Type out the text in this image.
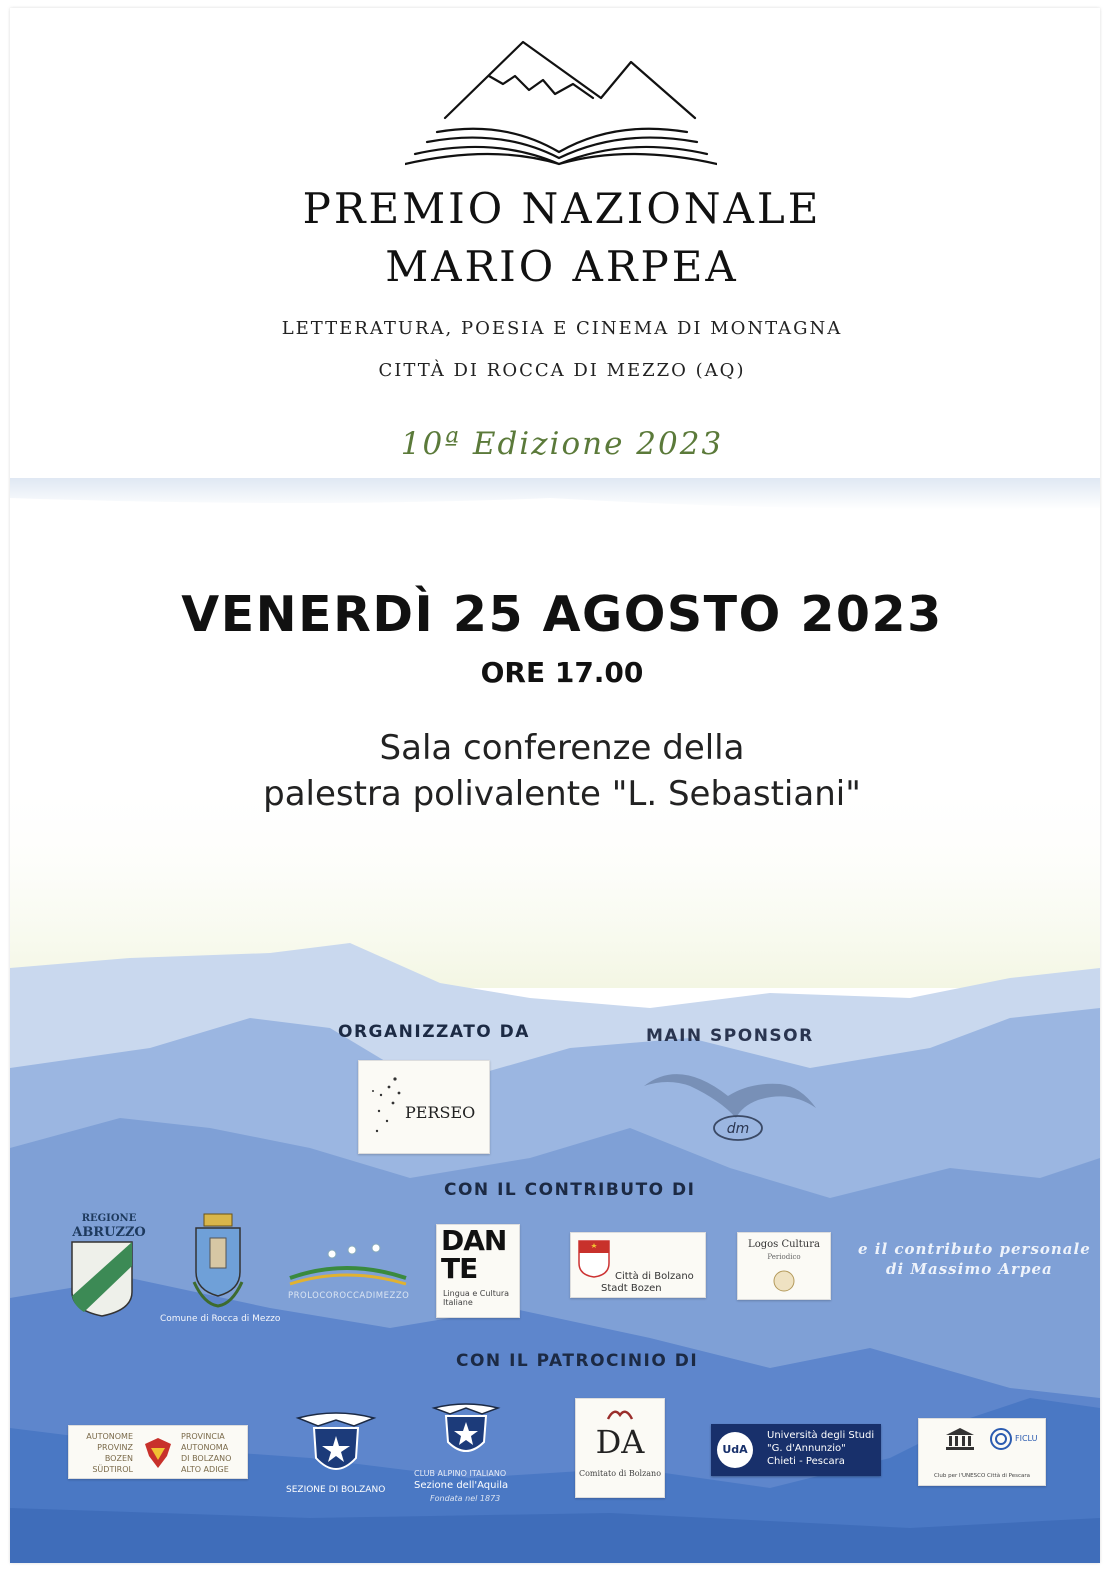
PREMIO NAZIONALE
MARIO ARPEA
LETTERATURA, POESIA E CINEMA DI MONTAGNA
CITTÀ DI ROCCA DI MEZZO (AQ)
10ª Edizione 2023
VENERDÌ 25 AGOSTO 2023
ORE 17.00
Sala conferenze della
palestra polivalente "L. Sebastiani"
ORGANIZZATO DA	MAIN SPONSOR
PERSEO
dm
CON IL CONTRIBUTO DI
REGIONE
ABRUZZO
Comune di Rocca di Mezzo
PROLOCOROCCADIMEZZO
DANTE
Lingua e Cultura Italiane
Città di Bolzano
Stadt Bozen
Logos Cultura
Periodico	e il contributo personale
di Massimo Arpea
CON IL PATROCINIO DI
AUTONOME
PROVINZ
BOZEN
SÜDTIROL
PROVINCIA
AUTONOMA
DI BOLZANO
ALTO ADIGE
SEZIONE DI BOLZANO
CLUB ALPINO ITALIANO
Sezione dell'Aquila
Fondata nel 1873
DA
Comitato di Bolzano
UdA
Università degli Studi
"G. d'Annunzio"
Chieti - Pescara
FICLU
Club per l'UNESCO Città di Pescara
